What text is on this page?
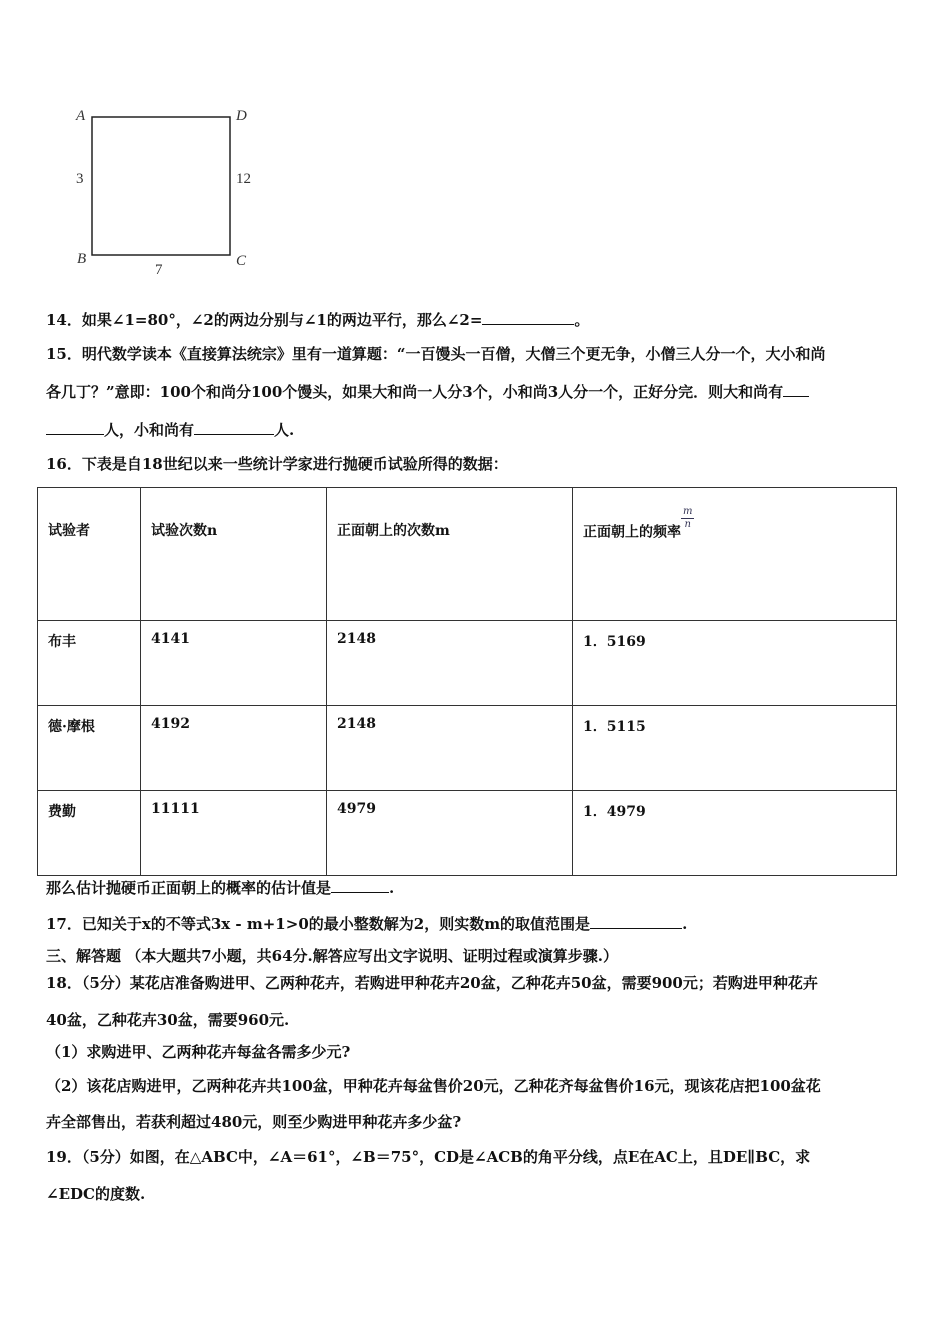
A	D
3	12
B
7
C
14．如果∠1=80°，∠2的两边分别与∠1的两边平行，那么∠2=	。
15．明代数学读本《直接算法统宗》里有一道算题：“一百馒头一百僧，大僧三个更无争，小僧三人分一个，大小和尚
各几丁？”意即：100个和尚分100个馒头，如果大和尚一人分3个，小和尚3人分一个，正好分完．则大和尚有
人，小和尚有	人.
16．下表是自18世纪以来一些统计学家进行抛硬币试验所得的数据：
试验者	试验次数n	正面朝上的次数m	正面朝上的频率
$\frac{m}{n}$
布丰	4141	2148	1．5169
德·摩根	4192	2148	1．5115
费勤	11111	4979	1．4979
那么估计抛硬币正面朝上的概率的估计值是	.
17．已知关于x的不等式3x - m+1>0的最小整数解为2，则实数m的取值范围是	.
三、解答题 （本大题共7小题，共64分.解答应写出文字说明、证明过程或演算步骤.）
18．（5分）某花店准备购进甲、乙两种花卉，若购进甲种花卉20盆，乙种花卉50盆，需要900元；若购进甲种花卉
40盆，乙种花卉30盆，需要960元.
（1）求购进甲、乙两种花卉每盆各需多少元?
（2）该花店购进甲，乙两种花卉共100盆，甲种花卉每盆售价20元，乙种花齐每盆售价16元，现该花店把100盆花
卉全部售出，若获利超过480元，则至少购进甲种花卉多少盆?
19．（5分）如图，在△ABC中，∠A＝61°，∠B＝75°，CD是∠ACB的角平分线，点E在AC上，且DE∥BC，求
∠EDC的度数.
